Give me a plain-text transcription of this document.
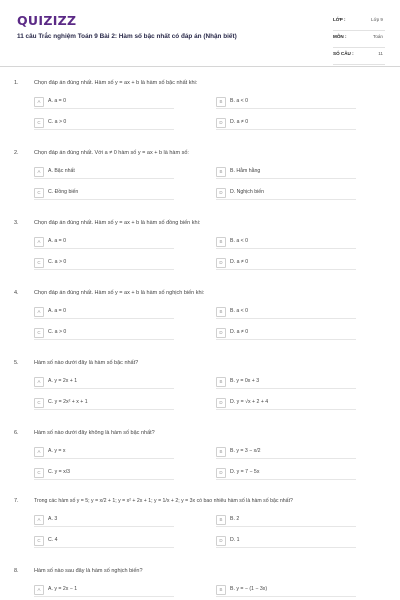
QUIZIZZ
11 câu Trắc nghiệm Toán 9 Bài 2: Hàm số bậc nhất có đáp án (Nhận biết)
LỚP :	Lớp 9
MÔN :	Toán
SỐ CÂU :	11
1.	Chọn đáp án đúng nhất. Hàm số y = ax + b là hàm số bậc nhất khi:
A	A. a = 0	B	B. a < 0
C	C. a > 0	D	D. a ≠ 0
2.	Chọn đáp án đúng nhất. Với a ≠ 0 hàm số y = ax + b là hàm số:
A	A. Bậc nhất	B	B. Hằm hằng
C	C. Đồng biến	D	D. Nghịch biến
3.	Chọn đáp án đúng nhất. Hàm số y = ax + b là hàm số đồng biến khi:
A	A. a = 0	B	B. a < 0
C	C. a > 0	D	D. a ≠ 0
4.	Chọn đáp án đúng nhất. Hàm số y = ax + b là hàm số nghịch biến khi:
A	A. a = 0	B	B. a < 0
C	C. a > 0	D	D. a ≠ 0
5.	Hàm số nào dưới đây là hàm số bậc nhất?
A	A. y = 2x + 1	B	B. y = 0x + 3
C	C. y = 2x² + x + 1	D	D. y = √x + 2 + 4
6.	Hàm số nào dưới đây không là hàm số bậc nhất?
A	A. y = x	B	B. y = 3 − x/2
C	C. y = x/3	D	D. y = 7 − 5x
7.	Trong các hàm số y = 5; y = x/2 + 1; y = x² + 2x + 1; y = 1/x + 2; y = 3x có bao nhiêu hàm số là hàm số bậc nhất?
A	A. 3	B	B. 2
C	C. 4	D	D. 1
8.	Hàm số nào sau đây là hàm số nghịch biến?
A	A. y = 2x − 1	B	B. y = − (1 − 3x)
